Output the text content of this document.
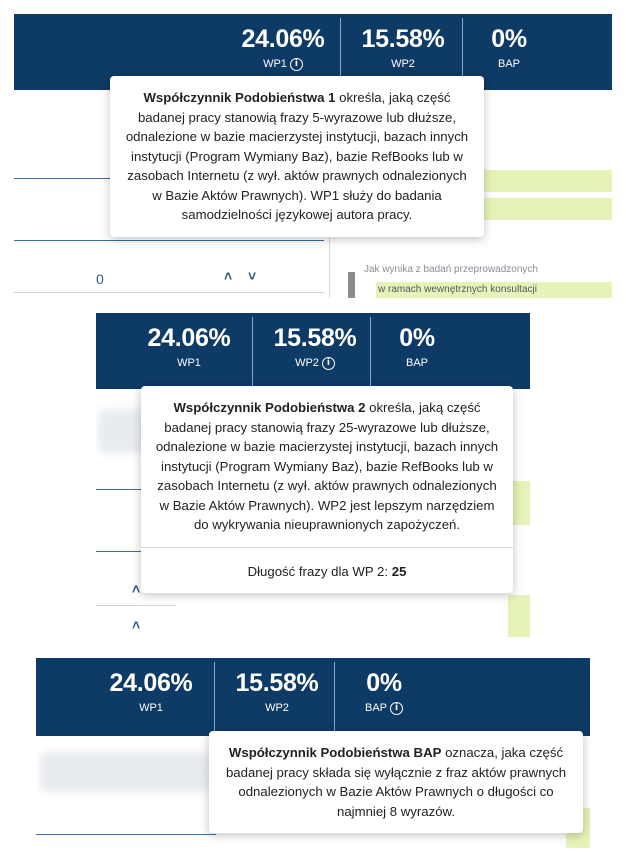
24.06%
WP1 i
15.58%
WP2
0%
BAP
0	˄ ˅	Jak wynika z badań przeprowadzonych
w ramach wewnętrznych konsultacji
Współczynnik Podobieństwa 1 określa, jaką część badanej pracy stanowią frazy 5-wyrazowe lub dłuższe, odnalezione w bazie macierzystej instytucji, bazach innych instytucji (Program Wymiany Baz), bazie RefBooks lub w zasobach Internetu (z wył. aktów prawnych odnalezionych w Bazie Aktów Prawnych). WP1 służy do badania samodzielności językowej autora pracy.
24.06%
WP1
15.58%
WP2 i
0%
BAP
˄
˄
Współczynnik Podobieństwa 2 określa, jaką część badanej pracy stanowią frazy 25-wyrazowe lub dłuższe, odnalezione w bazie macierzystej instytucji, bazach innych instytucji (Program Wymiany Baz), bazie RefBooks lub w zasobach Internetu (z wył. aktów prawnych odnalezionych w Bazie Aktów Prawnych). WP2 jest lepszym narzędziem do wykrywania nieuprawnionych zapożyczeń.
Długość frazy dla WP 2: 25
24.06%
WP1
15.58%
WP2
0%
BAP i
Współczynnik Podobieństwa BAP oznacza, jaka część badanej pracy składa się wyłącznie z fraz aktów prawnych odnalezionych w Bazie Aktów Prawnych o długości co najmniej 8 wyrazów.
